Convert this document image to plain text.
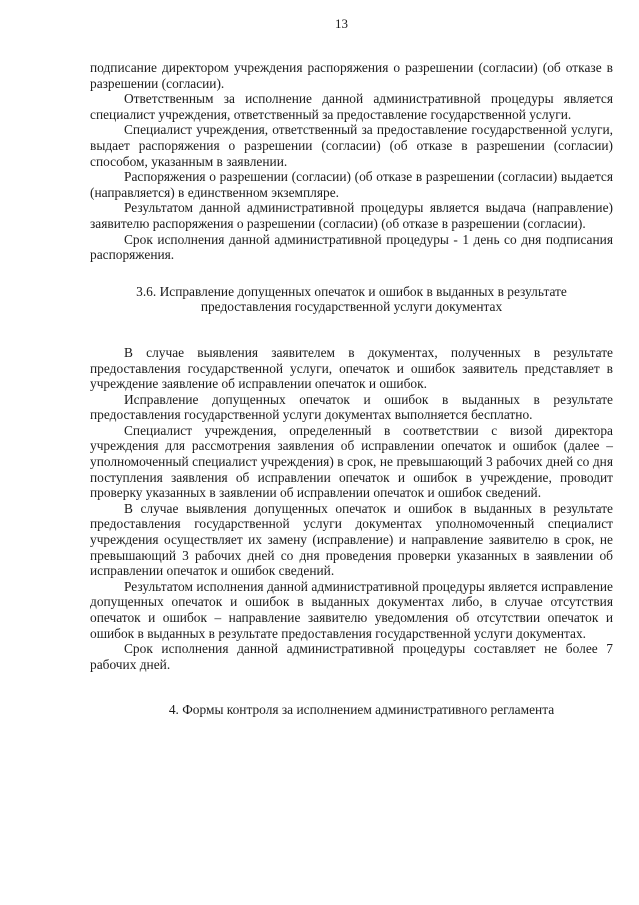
13

подписание директором учреждения распоряжения о разрешении (согласии) (об отказе в разрешении (согласии).

Ответственным за исполнение данной административной процедуры является специалист учреждения, ответственный за предоставление государственной услуги.

Специалист учреждения, ответственный за предоставление государственной услуги, выдает распоряжения о разрешении (согласии) (об отказе в разрешении (согласии) способом, указанным в заявлении.

Распоряжения о разрешении (согласии) (об отказе в разрешении (согласии) выдается (направляется) в единственном экземпляре.

Результатом данной административной процедуры является выдача (направление) заявителю распоряжения о разрешении (согласии) (об отказе в разрешении (согласии).

Срок исполнения данной административной процедуры - 1 день со дня подписания распоряжения.

3.6. Исправление допущенных опечаток и ошибок в выданных в результате предоставления государственной услуги документах

В случае выявления заявителем в документах, полученных в результате предоставления государственной услуги, опечаток и ошибок заявитель представляет в учреждение заявление об исправлении опечаток и ошибок.

Исправление допущенных опечаток и ошибок в выданных в результате предоставления государственной услуги документах выполняется бесплатно.

Специалист учреждения, определенный в соответствии с визой директора учреждения для рассмотрения заявления об исправлении опечаток и ошибок (далее – уполномоченный специалист учреждения) в срок, не превышающий 3 рабочих дней со дня поступления заявления об исправлении опечаток и ошибок в учреждение, проводит проверку указанных в заявлении об исправлении опечаток и ошибок сведений.

В случае выявления допущенных опечаток и ошибок в выданных в результате предоставления государственной услуги документах уполномоченный специалист учреждения осуществляет их замену (исправление) и направление заявителю в срок, не превышающий 3 рабочих дней со дня проведения проверки указанных в заявлении об исправлении опечаток и ошибок сведений.

Результатом исполнения данной административной процедуры является исправление допущенных опечаток и ошибок в выданных документах либо, в случае отсутствия опечаток и ошибок – направление заявителю уведомления об отсутствии опечаток и ошибок в выданных в результате предоставления государственной услуги документах.

Срок исполнения данной административной процедуры составляет не более 7 рабочих дней.

4. Формы контроля за исполнением административного регламента
